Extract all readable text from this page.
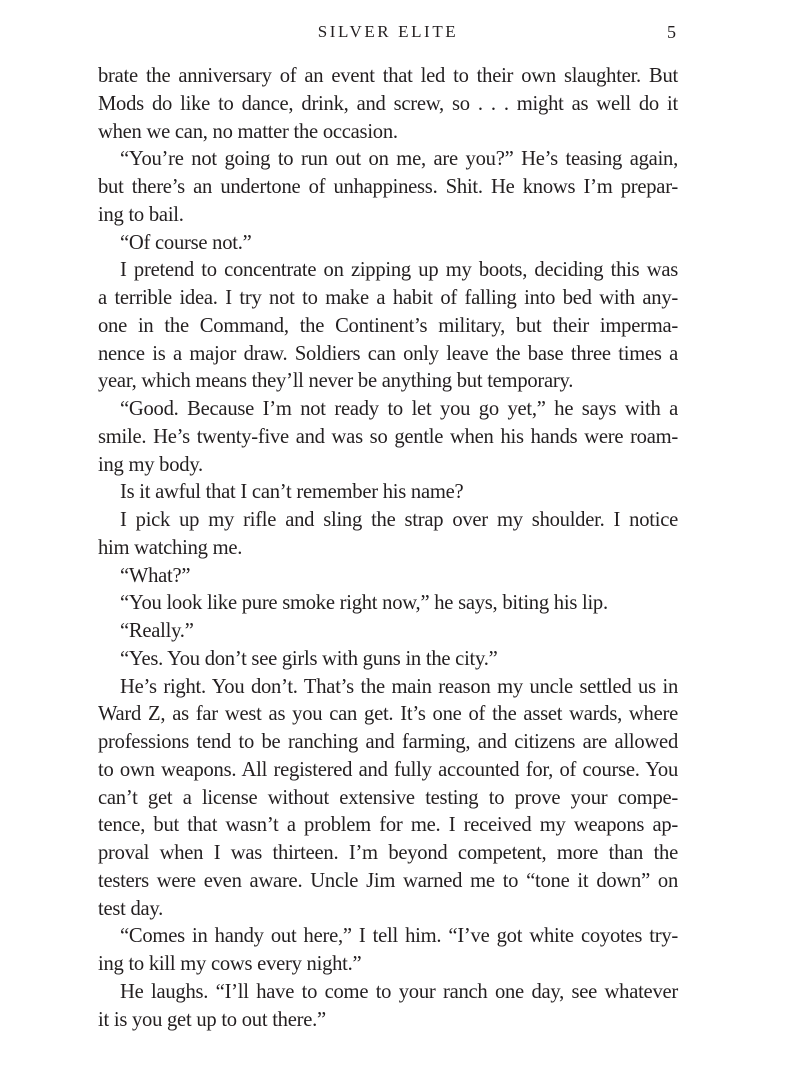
SILVER ELITE	5
brate the anniversary of an event that led to their own slaughter. But
Mods do like to dance, drink, and screw, so . . . might as well do it
when we can, no matter the occasion.
“You’re not going to run out on me, are you?” He’s teasing again,
but there’s an undertone of unhappiness. Shit. He knows I’m prepar-
ing to bail.
“Of course not.”
I pretend to concentrate on zipping up my boots, deciding this was
a terrible idea. I try not to make a habit of falling into bed with any-
one in the Command, the Continent’s military, but their imperma-
nence is a major draw. Soldiers can only leave the base three times a
year, which means they’ll never be anything but temporary.
“Good. Because I’m not ready to let you go yet,” he says with a
smile. He’s twenty-five and was so gentle when his hands were roam-
ing my body.
Is it awful that I can’t remember his name?
I pick up my rifle and sling the strap over my shoulder. I notice
him watching me.
“What?”
“You look like pure smoke right now,” he says, biting his lip.
“Really.”
“Yes. You don’t see girls with guns in the city.”
He’s right. You don’t. That’s the main reason my uncle settled us in
Ward Z, as far west as you can get. It’s one of the asset wards, where
professions tend to be ranching and farming, and citizens are allowed
to own weapons. All registered and fully accounted for, of course. You
can’t get a license without extensive testing to prove your compe-
tence, but that wasn’t a problem for me. I received my weapons ap-
proval when I was thirteen. I’m beyond competent, more than the
testers were even aware. Uncle Jim warned me to “tone it down” on
test day.
“Comes in handy out here,” I tell him. “I’ve got white coyotes try-
ing to kill my cows every night.”
He laughs. “I’ll have to come to your ranch one day, see whatever
it is you get up to out there.”
